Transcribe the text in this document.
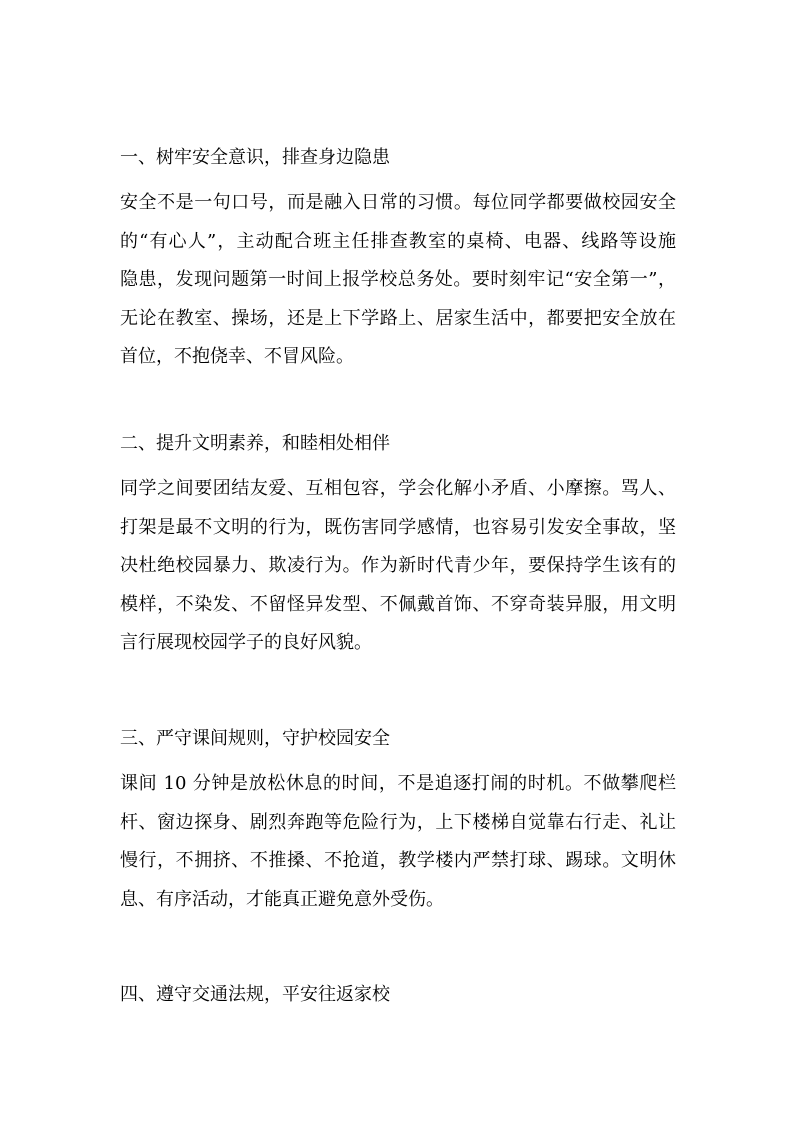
一、树牢安全意识，排查身边隐患

安全不是一句口号，而是融入日常的习惯。每位同学都要做校园安全
的“有心人”，主动配合班主任排查教室的桌椅、电器、线路等设施
隐患，发现问题第一时间上报学校总务处。要时刻牢记“安全第一”，
无论在教室、操场，还是上下学路上、居家生活中，都要把安全放在
首位，不抱侥幸、不冒风险。

二、提升文明素养，和睦相处相伴

同学之间要团结友爱、互相包容，学会化解小矛盾、小摩擦。骂人、
打架是最不文明的行为，既伤害同学感情，也容易引发安全事故，坚
决杜绝校园暴力、欺凌行为。作为新时代青少年，要保持学生该有的
模样，不染发、不留怪异发型、不佩戴首饰、不穿奇装异服，用文明
言行展现校园学子的良好风貌。

三、严守课间规则，守护校园安全

课间 10 分钟是放松休息的时间，不是追逐打闹的时机。不做攀爬栏
杆、窗边探身、剧烈奔跑等危险行为，上下楼梯自觉靠右行走、礼让
慢行，不拥挤、不推搡、不抢道，教学楼内严禁打球、踢球。文明休
息、有序活动，才能真正避免意外受伤。

四、遵守交通法规，平安往返家校
